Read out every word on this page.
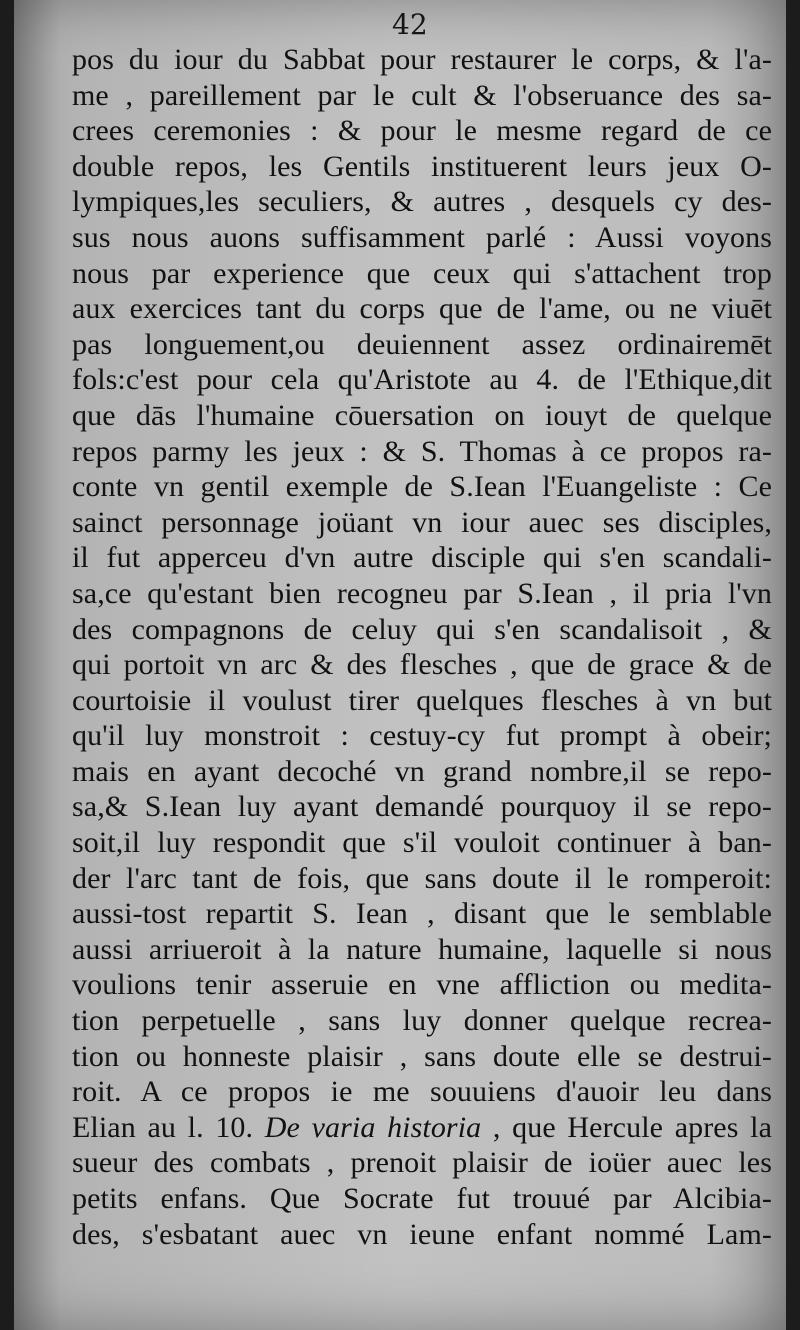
42
pos du iour du Sabbat pour restaurer le corps, & l'a-
me , pareillement par le cult & l'obseruance des sa-
crees ceremonies : & pour le mesme regard de ce
double repos, les Gentils instituerent leurs jeux O-
lympiques,les seculiers, & autres , desquels cy des-
sus nous auons suffisamment parlé : Aussi voyons
nous par experience que ceux qui s'attachent trop
aux exercices tant du corps que de l'ame, ou ne viuēt
pas longuement,ou deuiennent assez ordinairemēt
fols:c'est pour cela qu'Aristote au 4. de l'Ethique,dit
que dās l'humaine cōuersation on iouyt de quelque
repos parmy les jeux : & S. Thomas à ce propos ra-
conte vn gentil exemple de S.Iean l'Euangeliste : Ce
sainct personnage joüant vn iour auec ses disciples,
il fut apperceu d'vn autre disciple qui s'en scandali-
sa,ce qu'estant bien recogneu par S.Iean , il pria l'vn
des compagnons de celuy qui s'en scandalisoit , &
qui portoit vn arc & des flesches , que de grace & de
courtoisie il voulust tirer quelques flesches à vn but
qu'il luy monstroit : cestuy-cy fut prompt à obeir;
mais en ayant decoché vn grand nombre,il se repo-
sa,& S.Iean luy ayant demandé pourquoy il se repo-
soit,il luy respondit que s'il vouloit continuer à ban-
der l'arc tant de fois, que sans doute il le romperoit:
aussi-tost repartit S. Iean , disant que le semblable
aussi arriueroit à la nature humaine, laquelle si nous
voulions tenir asseruie en vne affliction ou medita-
tion perpetuelle , sans luy donner quelque recrea-
tion ou honneste plaisir , sans doute elle se destrui-
roit. A ce propos ie me souuiens d'auoir leu dans
Elian au l. 10. De varia historia , que Hercule apres la
sueur des combats , prenoit plaisir de ioüer auec les
petits enfans. Que Socrate fut trouué par Alcibia-
des, s'esbatant auec vn ieune enfant nommé Lam-
